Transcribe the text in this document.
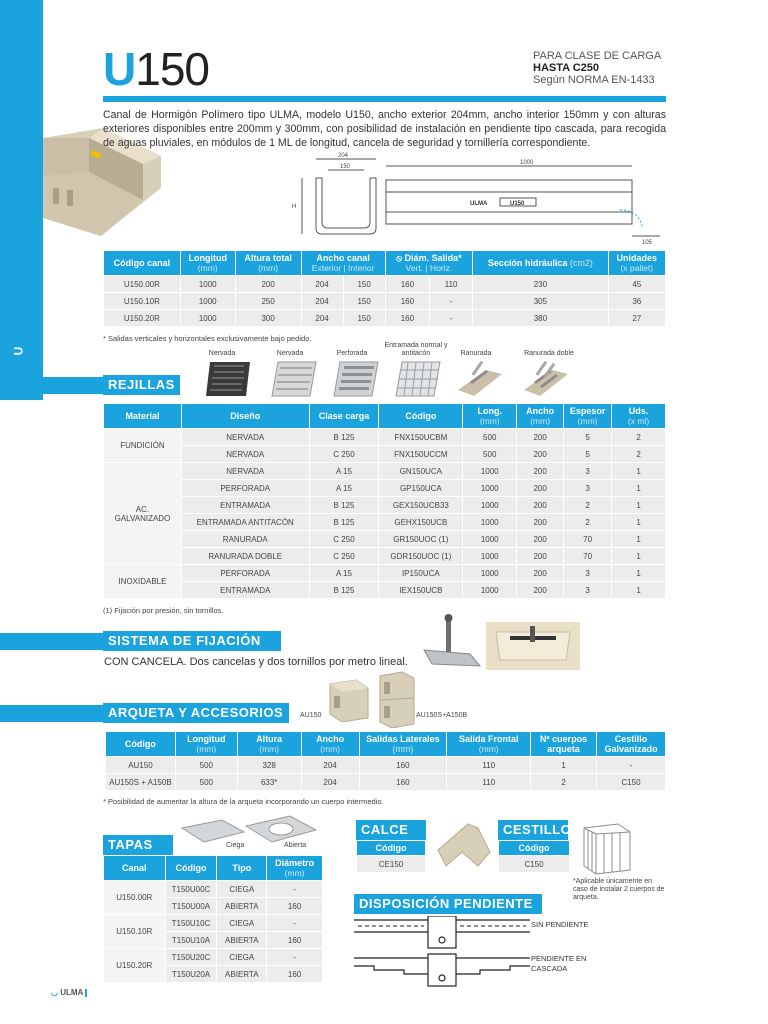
U
U150	PARA CLASE DE CARGA
HASTA C250
Según NORMA EN-1433

Canal de Hormigón Polímero tipo ULMA, modelo U150, ancho exterior 204mm, ancho interior 150mm y con alturas exteriores disponibles entre 200mm y 300mm, con posibilidad de instalación en pendiente tipo cascada, para recogida de aguas pluviales, en módulos de 1 ML de longitud, cancela de seguridad y tornillería correspondiente.

204
150
H
1000
105
ULMA	U150
Código canal	Longitud
(mm)	Altura total
(mm)	Ancho canal
Exterior | Interior		⦸ Diám. Salida*
Vert. | Horiz.		Sección hidráulica (cm2)	Unidades
(x pallet)

U150.00R	1000	200	204	150	160	110	230	45
U150.10R	1000	250	204	150	160	-	305	36
U150.20R	1000	300	204	150	160	-	380	27
* Salidas verticales y horizontales exclusivamente bajo pedido.
Nervada	Nervada	Perforada
Entramada normal y antitacón	Ranurada	Ranurada doble
REJILLAS
Material	Diseño	Clase carga	Código	Long.
(mm)	Ancho
(mm)	Espesor
(mm)	Uds.
(x ml)

FUNDICIÓN	NERVADA	B 125	FNX150UCBM	500	200	5	2
	NERVADA	C 250	FNX150UCCM	500	200	5	2
AC. GALVANIZADO	NERVADA	A 15	GN150UCA	1000	200	3	1
	PERFORADA	A 15	GP150UCA	1000	200	3	1
	ENTRAMADA	B 125	GEX150UCB33	1000	200	2	1
	ENTRAMADA ANTITACÓN	B 125	GEHX150UCB	1000	200	2	1
	RANURADA	C 250	GR150UOC (1)	1000	200	70	1
	RANURADA DOBLE	C 250	GDR150UOC (1)	1000	200	70	1
INOXIDABLE	PERFORADA	A 15	IP150UCA	1000	200	3	1
	ENTRAMADA	B 125	IEX150UCB	1000	200	3	1
(1) Fijación por presión, sin tornillos.
SISTEMA DE FIJACIÓN
CON CANCELA. Dos cancelas y dos tornillos por metro lineal.
ARQUETA Y ACCESORIOS	AU150	AU150S+A150B
Código	Longitud
(mm)	Altura
(mm)	Ancho
(mm)	Salidas Laterales (mm)	Salida Frontal
(mm)	Nº cuerpos arqueta	Cestillo Galvanizado
AU150	500	328	204	160	110	1	-
AU150S + A150B	500	633*	204	160	110	2	C150
* Posibilidad de aumentar la altura de la arqueta incorporando un cuerpo intermedio.
TAPAS	Ciega	Abierta
Canal	Código	Tipo	Diámetro
(mm)

U150.00R	T150U00C	CIEGA	-
	T150U00A	ABIERTA	160
U150.10R	T150U10C	CIEGA	-
	T150U10A	ABIERTA	160
U150.20R	T150U20C	CIEGA	-
	T150U20A	ABIERTA	160
CALCE
Código
CE150
CESTILLO*
Código
C150
*Aplicable únicamente en caso de instalar 2 cuerpos de arqueta.
DISPOSICIÓN PENDIENTE
SIN PENDIENTE
PENDIENTE EN CASCADA
◡ ULMA
